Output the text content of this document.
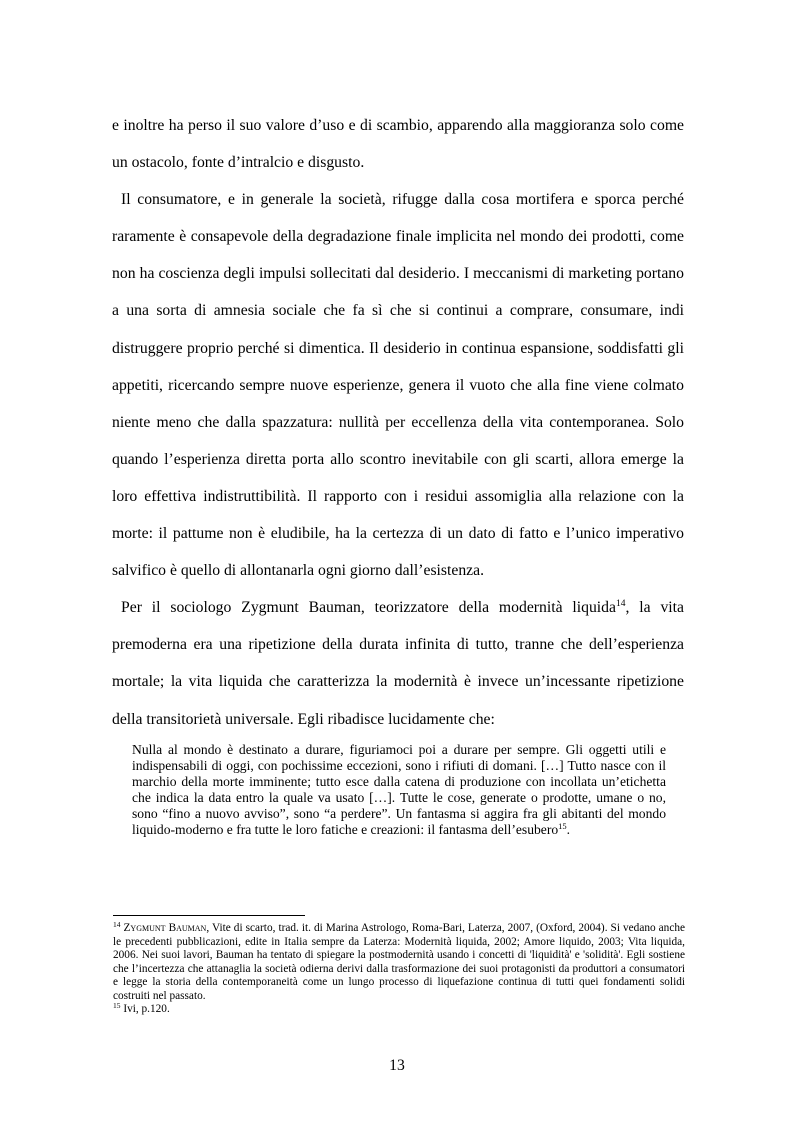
e inoltre ha perso il suo valore d’uso e di scambio, apparendo alla maggioranza solo come un ostacolo, fonte d’intralcio e disgusto.

Il consumatore, e in generale la società, rifugge dalla cosa mortifera e sporca perché raramente è consapevole della degradazione finale implicita nel mondo dei prodotti, come non ha coscienza degli impulsi sollecitati dal desiderio. I meccanismi di marketing portano a una sorta di amnesia sociale che fa sì che si continui a comprare, consumare, indi distruggere proprio perché si dimentica. Il desiderio in continua espansione, soddisfatti gli appetiti, ricercando sempre nuove esperienze, genera il vuoto che alla fine viene colmato niente meno che dalla spazzatura: nullità per eccellenza della vita contemporanea. Solo quando l’esperienza diretta porta allo scontro inevitabile con gli scarti, allora emerge la loro effettiva indistruttibilità. Il rapporto con i residui assomiglia alla relazione con la morte: il pattume non è eludibile, ha la certezza di un dato di fatto e l’unico imperativo salvifico è quello di allontanarla ogni giorno dall’esistenza.

Per il sociologo Zygmunt Bauman, teorizzatore della modernità liquida$^{14}$, la vita premoderna era una ripetizione della durata infinita di tutto, tranne che dell’esperienza mortale; la vita liquida che caratterizza la modernità è invece un’incessante ripetizione della transitorietà universale. Egli ribadisce lucidamente che:

Nulla al mondo è destinato a durare, figuriamoci poi a durare per sempre. Gli oggetti utili e indispensabili di oggi, con pochissime eccezioni, sono i rifiuti di domani. […] Tutto nasce con il marchio della morte imminente; tutto esce dalla catena di produzione con incollata un’etichetta che indica la data entro la quale va usato […]. Tutte le cose, generate o prodotte, umane o no, sono “fino a nuovo avviso”, sono “a perdere”. Un fantasma si aggira fra gli abitanti del mondo liquido-moderno e fra tutte le loro fatiche e creazioni: il fantasma dell’esubero$^{15}$.

$^{14}$ Zygmunt Bauman, Vite di scarto, trad. it. di Marina Astrologo, Roma-Bari, Laterza, 2007, (Oxford, 2004). Si vedano anche le precedenti pubblicazioni, edite in Italia sempre da Laterza: Modernità liquida, 2002; Amore liquido, 2003; Vita liquida, 2006. Nei suoi lavori, Bauman ha tentato di spiegare la postmodernità usando i concetti di 'liquidità' e 'solidità'. Egli sostiene che l’incertezza che attanaglia la società odierna derivi dalla trasformazione dei suoi protagonisti da produttori a consumatori e legge la storia della contemporaneità come un lungo processo di liquefazione continua di tutti quei fondamenti solidi costruiti nel passato.

$^{15}$ Ivi, p.120.

13
